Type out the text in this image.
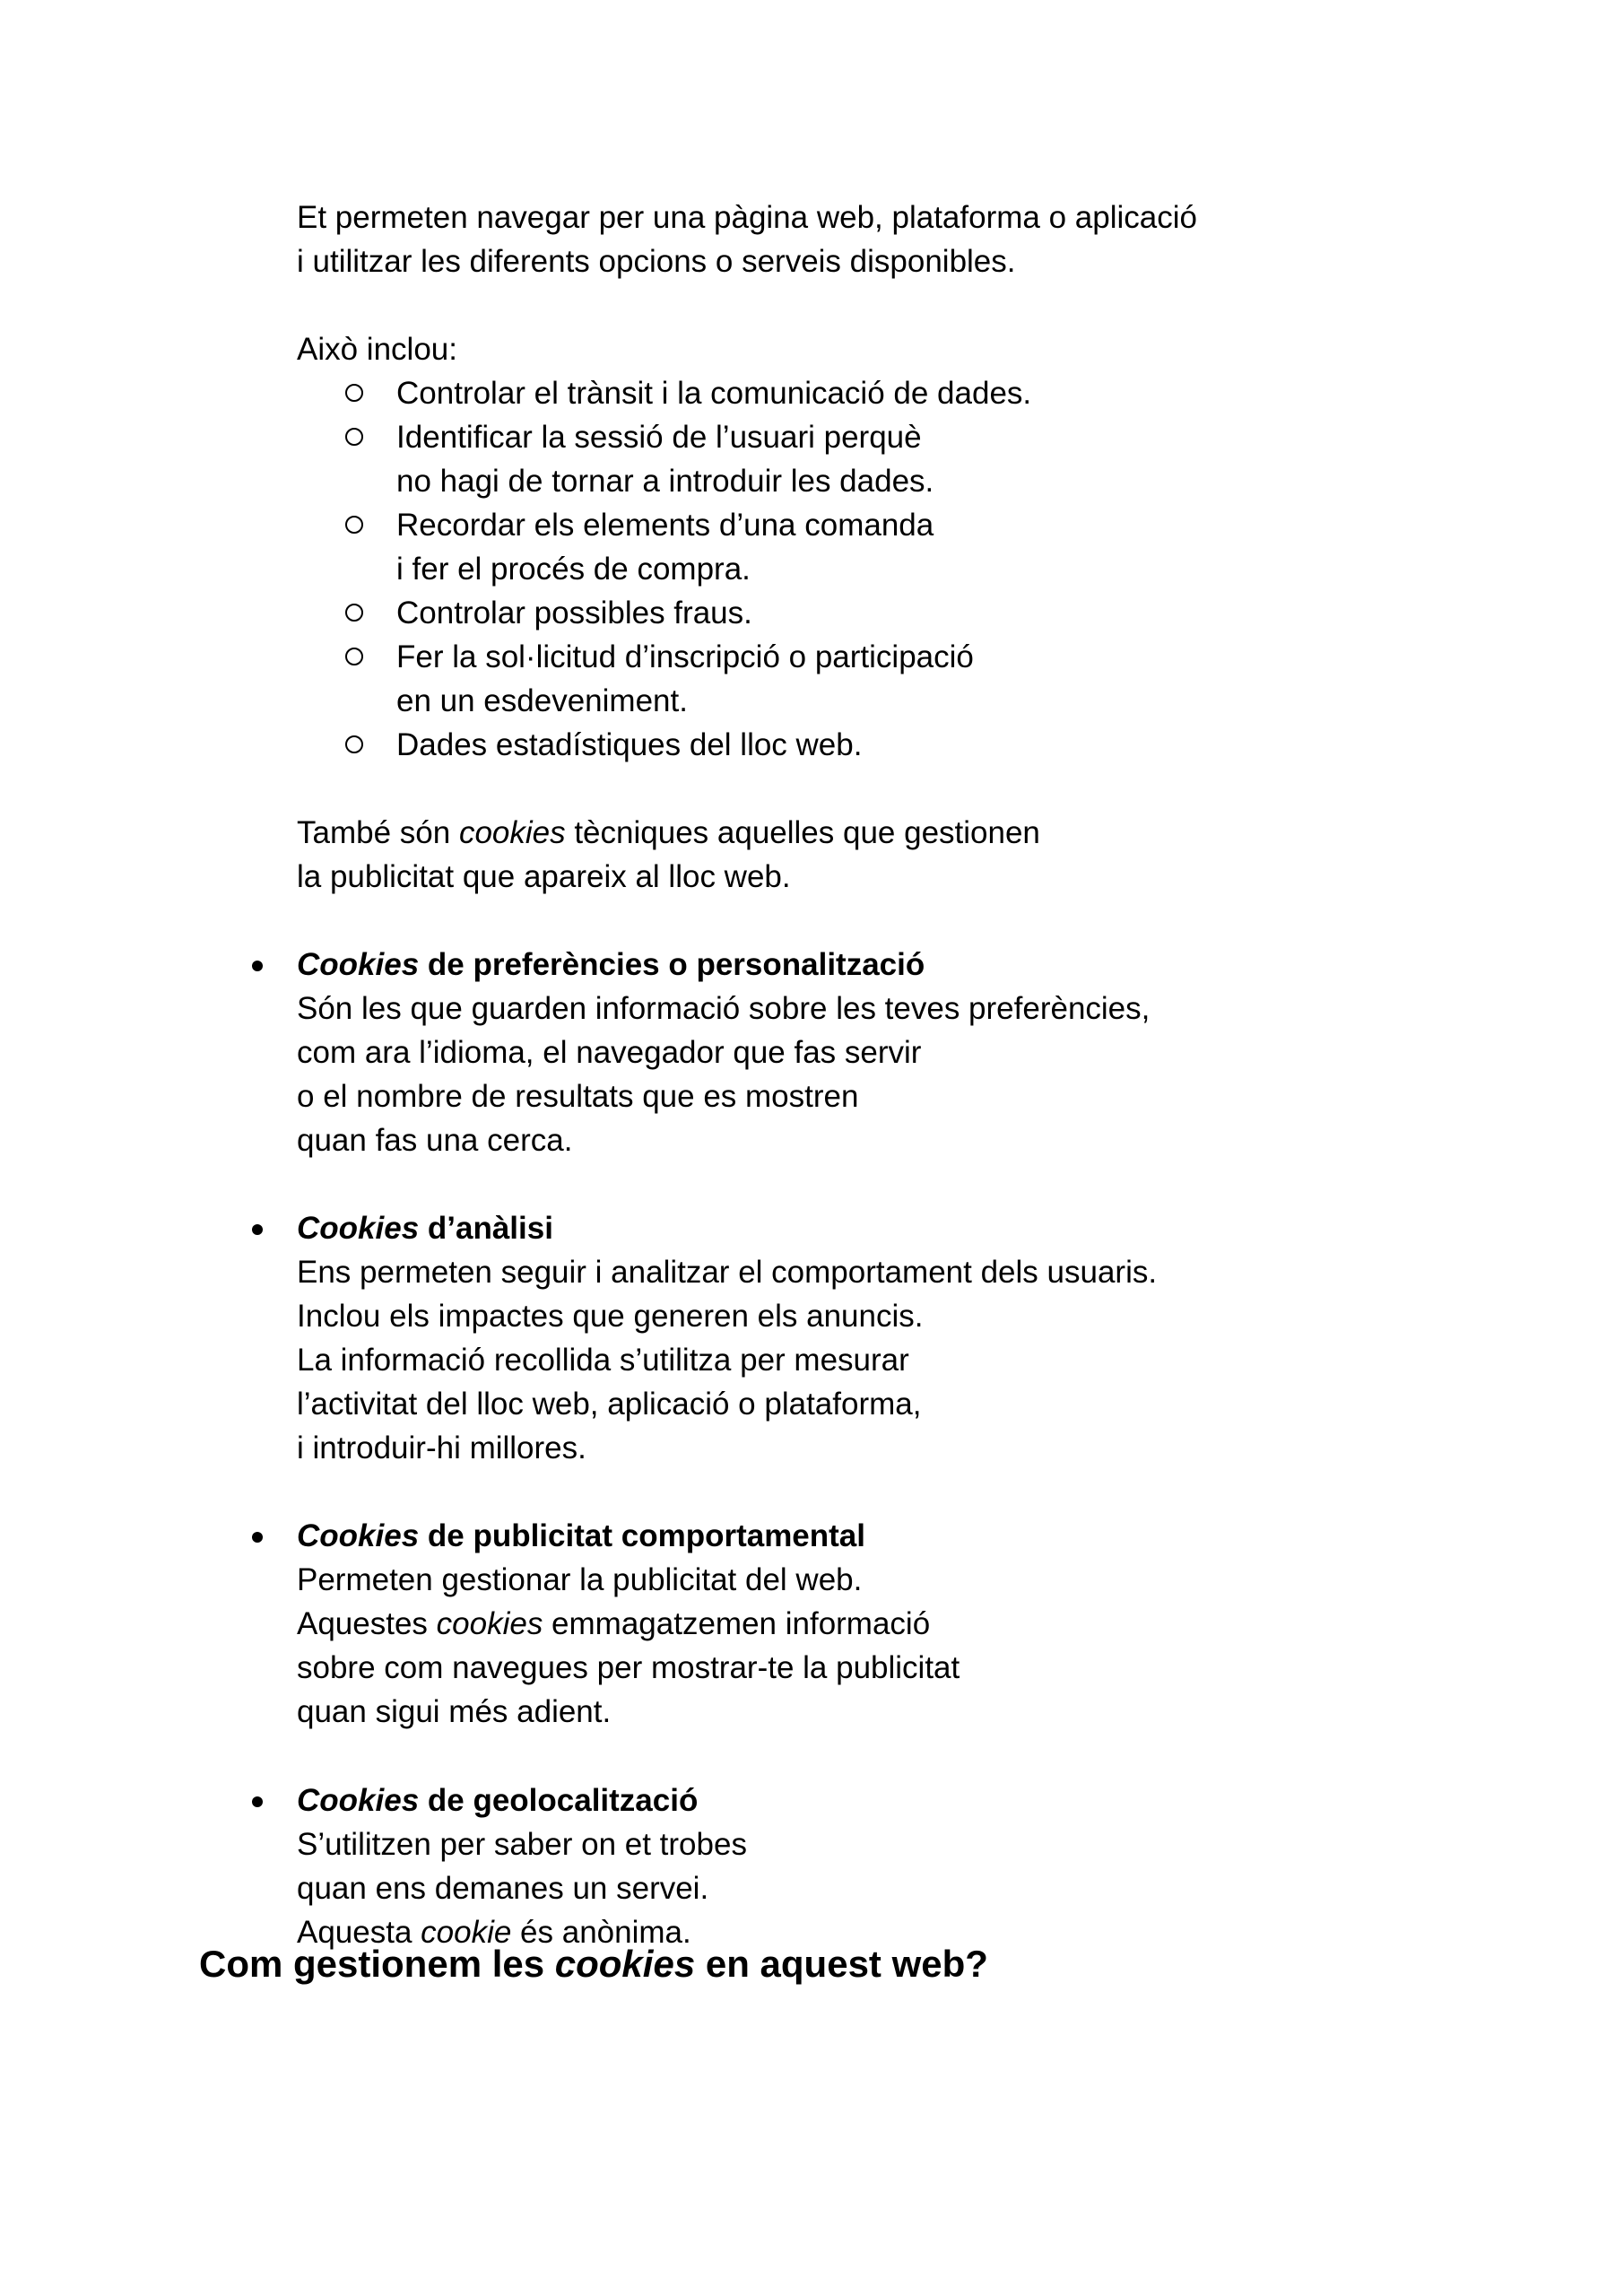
Et permeten navegar per una pàgina web, plataforma o aplicació
i utilitzar les diferents opcions o serveis disponibles.

Això inclou:

Controlar el trànsit i la comunicació de dades.

Identificar la sessió de l’usuari perquè
no hagi de tornar a introduir les dades.

Recordar els elements d’una comanda
i fer el procés de compra.

Controlar possibles fraus.

Fer la sol·licitud d’inscripció o participació
en un esdeveniment.

Dades estadístiques del lloc web.

També són cookies tècniques aquelles que gestionen
la publicitat que apareix al lloc web.

Cookies de preferències o personalització
Són les que guarden informació sobre les teves preferències,
com ara l’idioma, el navegador que fas servir
o el nombre de resultats que es mostren
quan fas una cerca.

Cookies d’anàlisi
Ens permeten seguir i analitzar el comportament dels usuaris.
Inclou els impactes que generen els anuncis.
La informació recollida s’utilitza per mesurar
l’activitat del lloc web, aplicació o plataforma,
i introduir-hi millores.

Cookies de publicitat comportamental
Permeten gestionar la publicitat del web.
Aquestes cookies emmagatzemen informació
sobre com navegues per mostrar-te la publicitat
quan sigui més adient.

Cookies de geolocalització
S’utilitzen per saber on et trobes
quan ens demanes un servei.
Aquesta cookie és anònima.

Com gestionem les cookies en aquest web?
